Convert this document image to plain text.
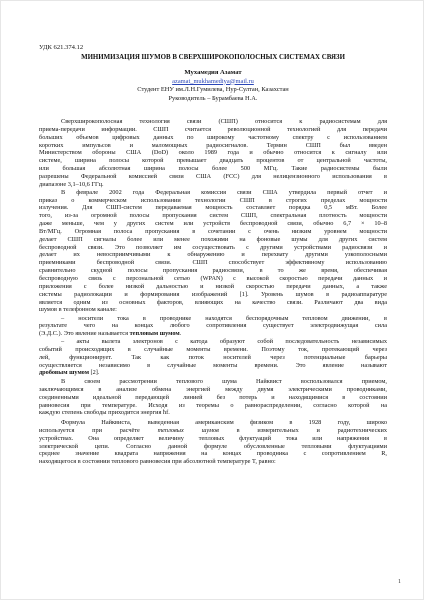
УДК 621.374.12
МИНИМИЗАЦИЯ ШУМОВ В СВЕРХШИРОКОПОЛОСНЫХ СИСТЕМАХ СВЯЗИ
Мухамедия Азамат
azamat_mukhamediya@mail.ru
Студент ЕНУ им.Л.Н.Гумилева, Нур-Султан, Казахстан
Руководитель – Бурамбаева Н.А.
Сверхширокополосная технология связи (СШП) относится к радиосистемам для
приема-передачи информации. СШП считается революционной технологией для передачи
больших объемов цифровых данных по широкому частотному спектру с использованием
коротких импульсов и маломощных радиосигналов. Термин СШП был введен
Министерством обороны США (DoD) около 1989 года и обычно относится к сигналу или
системе, ширина полосы которой превышает двадцать процентов от центральной частоты,
или большая абсолютная ширина полосы более 500 МГц. Такие радиосистемы были
разрешены Федеральной комиссией связи США (FCC) для нелицензионного использования в
диапазоне 3,1–10,6 ГГц.
В феврале 2002 года Федеральная комиссия связи США утвердила первый отчет и
приказ о коммерческом использовании технологии СШП в строгих пределах мощности
излучения. Для СШП-систем передаваемая мощность составляет порядка 0,5 мВт. Более
того, из-за огромной полосы пропускания систем СШП, спектральная плотность мощности
даже меньше, чем у других систем или устройств беспроводной связи, обычно 6,7 × 10–8
Вт/МГц. Огромная полоса пропускания в сочетании с очень низким уровнем мощности
делает СШП сигналы более или менее похожими на фоновые шумы для других систем
беспроводной связи. Это позволяет им сосуществовать с другими устройствами радиосвязи и
делает их невосприимчивыми к обнаружению и перехвату другими узкополосными
приемниками беспроводной связи. СШП способствует эффективному использованию
сравнительно скудной полосы пропускания радиосвязи, в то же время, обеспечивая
беспроводную связь с персональной сетью (WPAN) с высокой скоростью передачи данных и
приложения с более низкой дальностью и низкой скоростью передачи данных, а также
системы радиолокации и формирования изображений [1]. Уровень шумов в радиоаппаратуре
является одним из основных факторов, влияющих на качество связи. Различают два вида
шумов в телефонном канале:
– носители тока в проводнике находятся беспорядочным тепловом движении, в
результате чего на концах любого сопротивления существует электродвижущая сила
(Э.Д.С.). Это явление называется тепловым шумом.
– акты вылета электронов с катода образуют собой последовательность независимых
событий происходящих в случайные моменты времени. Поэтому ток, протекающий через
лей, функционирует. Так как поток носителей через потенциальные барьеры
осуществляется независимо в случайные моменты времени. Это явление называют
дробовым шумом [2].
В своем рассмотрении теплового шума Найквист воспользовался приемом,
заключающимся в анализе обмена энергией между двумя электрическими проводниками,
соединенными идеальной передающей линией без потерь и находящимися в состоянии
равновесия при температуре. Исходя из теоремы о равнораспределении, согласно которой на
каждую степень свободы приходится энергия ħf.
Формула Найквиста, выведенная американским физиком в 1928 году, широко
используется при расчёте тепловых шумов в измерительных и радиотехнических
устройствах. Она определяет величину тепловых флуктуаций тока или напряжения в
электрической цепи. Согласно данной формуле обусловленные тепловыми флуктуациями
среднее значение квадрата напряжения на концах проводника с сопротивлением R,
находящегося в состоянии теплового равновесия при абсолютной температуре T, равно:
1
